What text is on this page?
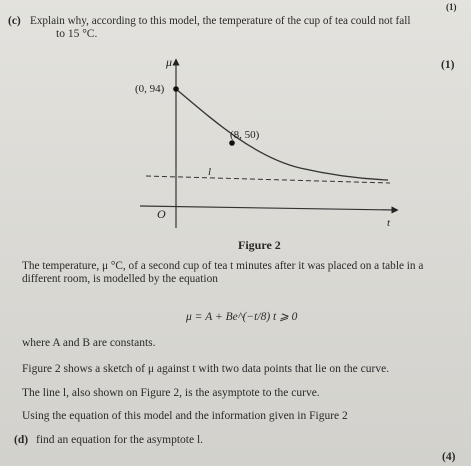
(1)
(c) Explain why, according to this model, the temperature of the cup of tea could not fall
to 15 °C.
(1)
μ
t
O
(0, 94)
(8, 50)
l
Figure 2
The temperature, μ °C, of a second cup of tea t minutes after it was placed on a table in a
different room, is modelled by the equation
μ = A + Be^(−t/8) t ⩾ 0
where A and B are constants.
Figure 2 shows a sketch of μ against t with two data points that lie on the curve.
The line l, also shown on Figure 2, is the asymptote to the curve.
Using the equation of this model and the information given in Figure 2
(d) find an equation for the asymptote l.
(4)
